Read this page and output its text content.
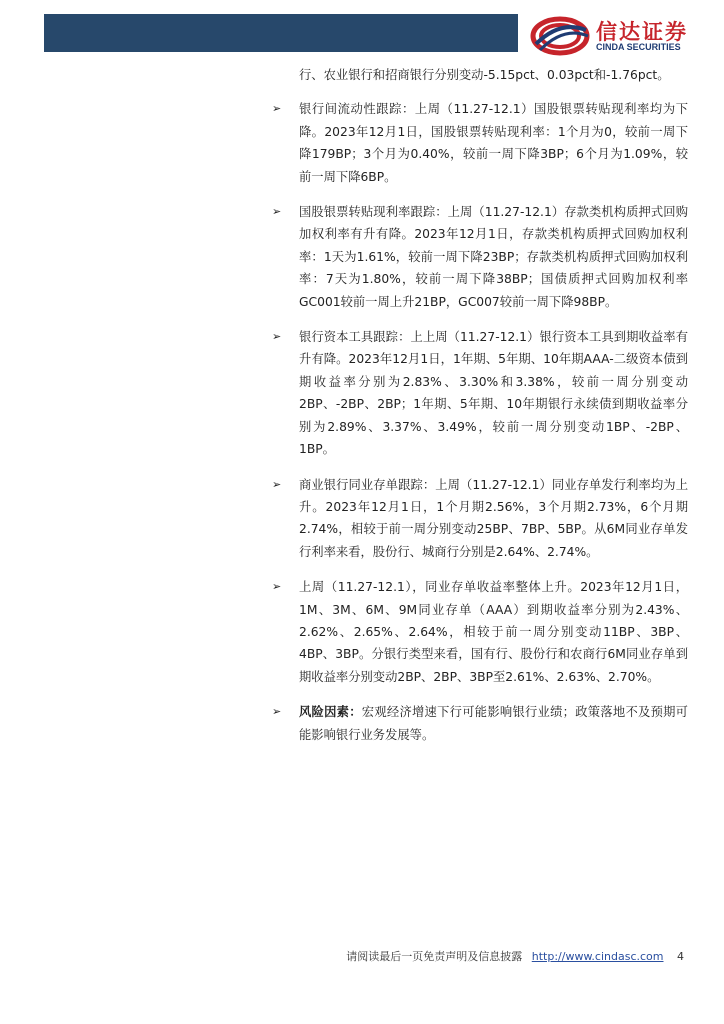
信达证券
CINDA SECURITIES

行、农业银行和招商银行分别变动-5.15pct、0.03pct和-1.76pct。

➢ 银行间流动性跟踪：上周（11.27-12.1）国股银票转贴现利率均为下降。2023年12月1日，国股银票转贴现利率：1个月为0，较前一周下降179BP；3个月为0.40%，较前一周下降3BP；6个月为1.09%，较前一周下降6BP。
➢ 国股银票转贴现利率跟踪：上周（11.27-12.1）存款类机构质押式回购加权利率有升有降。2023年12月1日，存款类机构质押式回购加权利率：1天为1.61%，较前一周下降23BP；存款类机构质押式回购加权利率：7天为1.80%，较前一周下降38BP；国债质押式回购加权利率GC001较前一周上升21BP，GC007较前一周下降98BP。
➢ 银行资本工具跟踪：上上周（11.27-12.1）银行资本工具到期收益率有升有降。2023年12月1日，1年期、5年期、10年期AAA-二级资本债到期收益率分别为2.83%、3.30%和3.38%，较前一周分别变动2BP、-2BP、2BP；1年期、5年期、10年期银行永续债到期收益率分别为2.89%、3.37%、3.49%，较前一周分别变动1BP、-2BP、1BP。
➢ 商业银行同业存单跟踪：上周（11.27-12.1）同业存单发行利率均为上升。2023年12月1日，1个月期2.56%，3个月期2.73%，6个月期2.74%，相较于前一周分别变动25BP、7BP、5BP。从6M同业存单发行利率来看，股份行、城商行分别是2.64%、2.74%。
➢ 上周（11.27-12.1），同业存单收益率整体上升。2023年12月1日，1M、3M、6M、9M同业存单（AAA）到期收益率分别为2.43%、2.62%、2.65%、2.64%，相较于前一周分别变动11BP、3BP、4BP、3BP。分银行类型来看，国有行、股份行和农商行6M同业存单到期收益率分别变动2BP、2BP、3BP至2.61%、2.63%、2.70%。
➢ 风险因素：宏观经济增速下行可能影响银行业绩；政策落地不及预期可能影响银行业务发展等。
请阅读最后一页免责声明及信息披露 http://www.cindasc.com 4
